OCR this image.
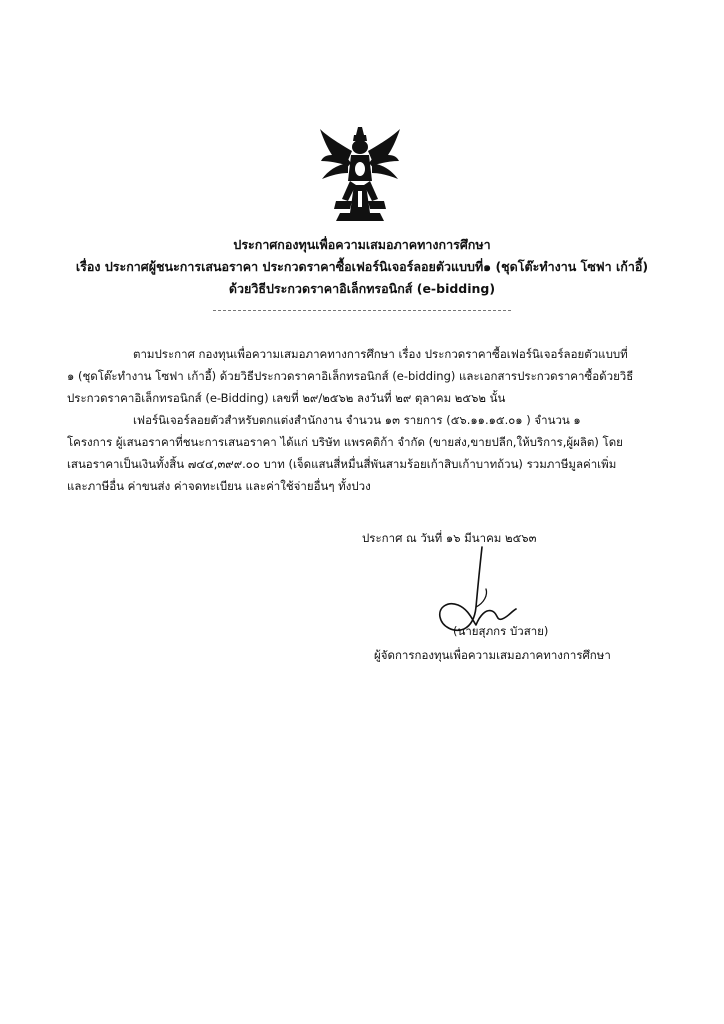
ประกาศกองทุนเพื่อความเสมอภาคทางการศึกษา
เรื่อง ประกาศผู้ชนะการเสนอราคา ประกวดราคาซื้อเฟอร์นิเจอร์ลอยตัวแบบที่๑ (ชุดโต๊ะทำงาน โซฟา เก้าอี้)
ด้วยวิธีประกวดราคาอิเล็กทรอนิกส์ (e-bidding)
ตามประกาศ กองทุนเพื่อความเสมอภาคทางการศึกษา เรื่อง ประกวดราคาซื้อเฟอร์นิเจอร์ลอยตัวแบบที่
๑ (ชุดโต๊ะทำงาน โซฟา เก้าอี้) ด้วยวิธีประกวดราคาอิเล็กทรอนิกส์ (e-bidding) และเอกสารประกวดราคาซื้อด้วยวิธี
ประกวดราคาอิเล็กทรอนิกส์ (e-Bidding) เลขที่ ๒๙/๒๕๖๒ ลงวันที่ ๒๙ ตุลาคม ๒๕๖๒ นั้น
เฟอร์นิเจอร์ลอยตัวสำหรับตกแต่งสำนักงาน จำนวน ๑๓ รายการ (๕๖.๑๑.๑๕.๐๑ ) จำนวน ๑
โครงการ ผู้เสนอราคาที่ชนะการเสนอราคา ได้แก่ บริษัท แพรคติก้า จำกัด (ขายส่ง,ขายปลีก,ให้บริการ,ผู้ผลิต) โดย
เสนอราคาเป็นเงินทั้งสิ้น ๗๔๔,๓๙๙.๐๐ บาท (เจ็ดแสนสี่หมื่นสี่พันสามร้อยเก้าสิบเก้าบาทถ้วน) รวมภาษีมูลค่าเพิ่ม
และภาษีอื่น ค่าขนส่ง ค่าจดทะเบียน และค่าใช้จ่ายอื่นๆ ทั้งปวง
ประกาศ ณ วันที่ ๑๖ มีนาคม ๒๕๖๓
(นายสุภกร บัวสาย)
ผู้จัดการกองทุนเพื่อความเสมอภาคทางการศึกษา
